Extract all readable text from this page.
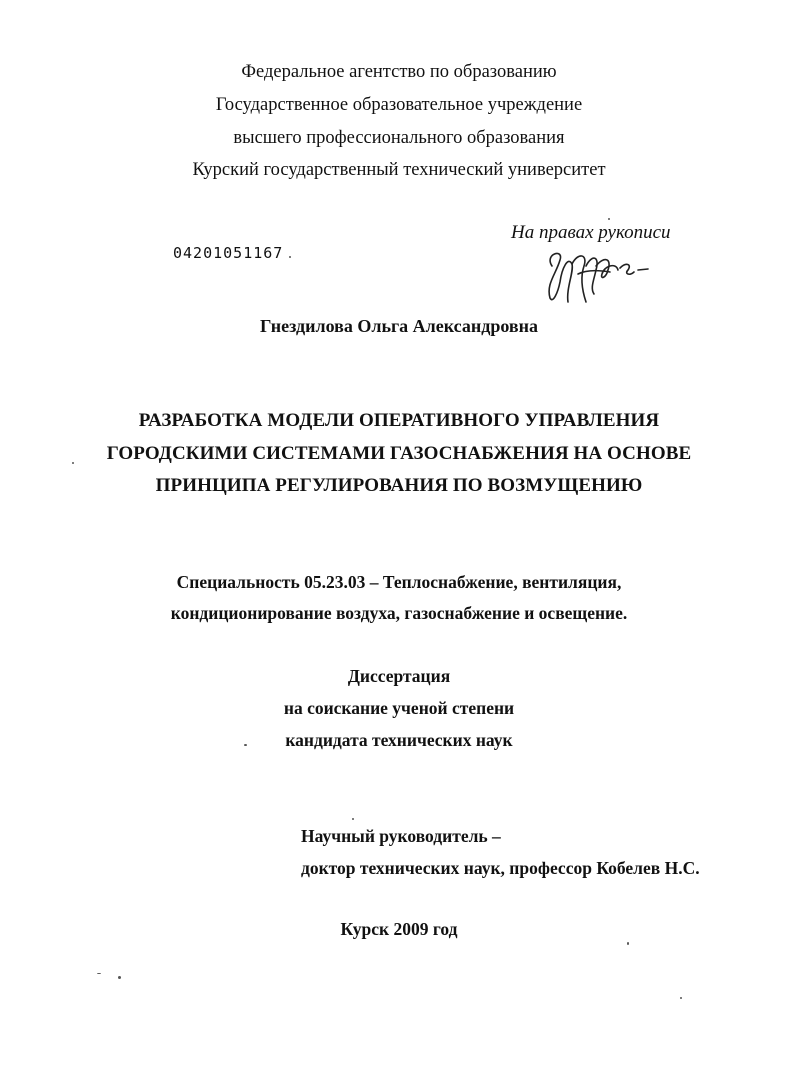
Федеральное агентство по образованию
Государственное образовательное учреждение
высшего профессионального образования
Курский государственный технический университет
На правах рукописи
04201051167
Гнездилова Ольга Александровна
РАЗРАБОТКА МОДЕЛИ ОПЕРАТИВНОГО УПРАВЛЕНИЯ
ГОРОДСКИМИ СИСТЕМАМИ ГАЗОСНАБЖЕНИЯ НА ОСНОВЕ
ПРИНЦИПА РЕГУЛИРОВАНИЯ ПО ВОЗМУЩЕНИЮ
Специальность 05.23.03 – Теплоснабжение, вентиляция,
кондиционирование воздуха, газоснабжение и освещение.
Диссертация
на соискание ученой степени
кандидата технических наук
Научный руководитель –
доктор технических наук, профессор Кобелев Н.С.
Курск 2009 год
